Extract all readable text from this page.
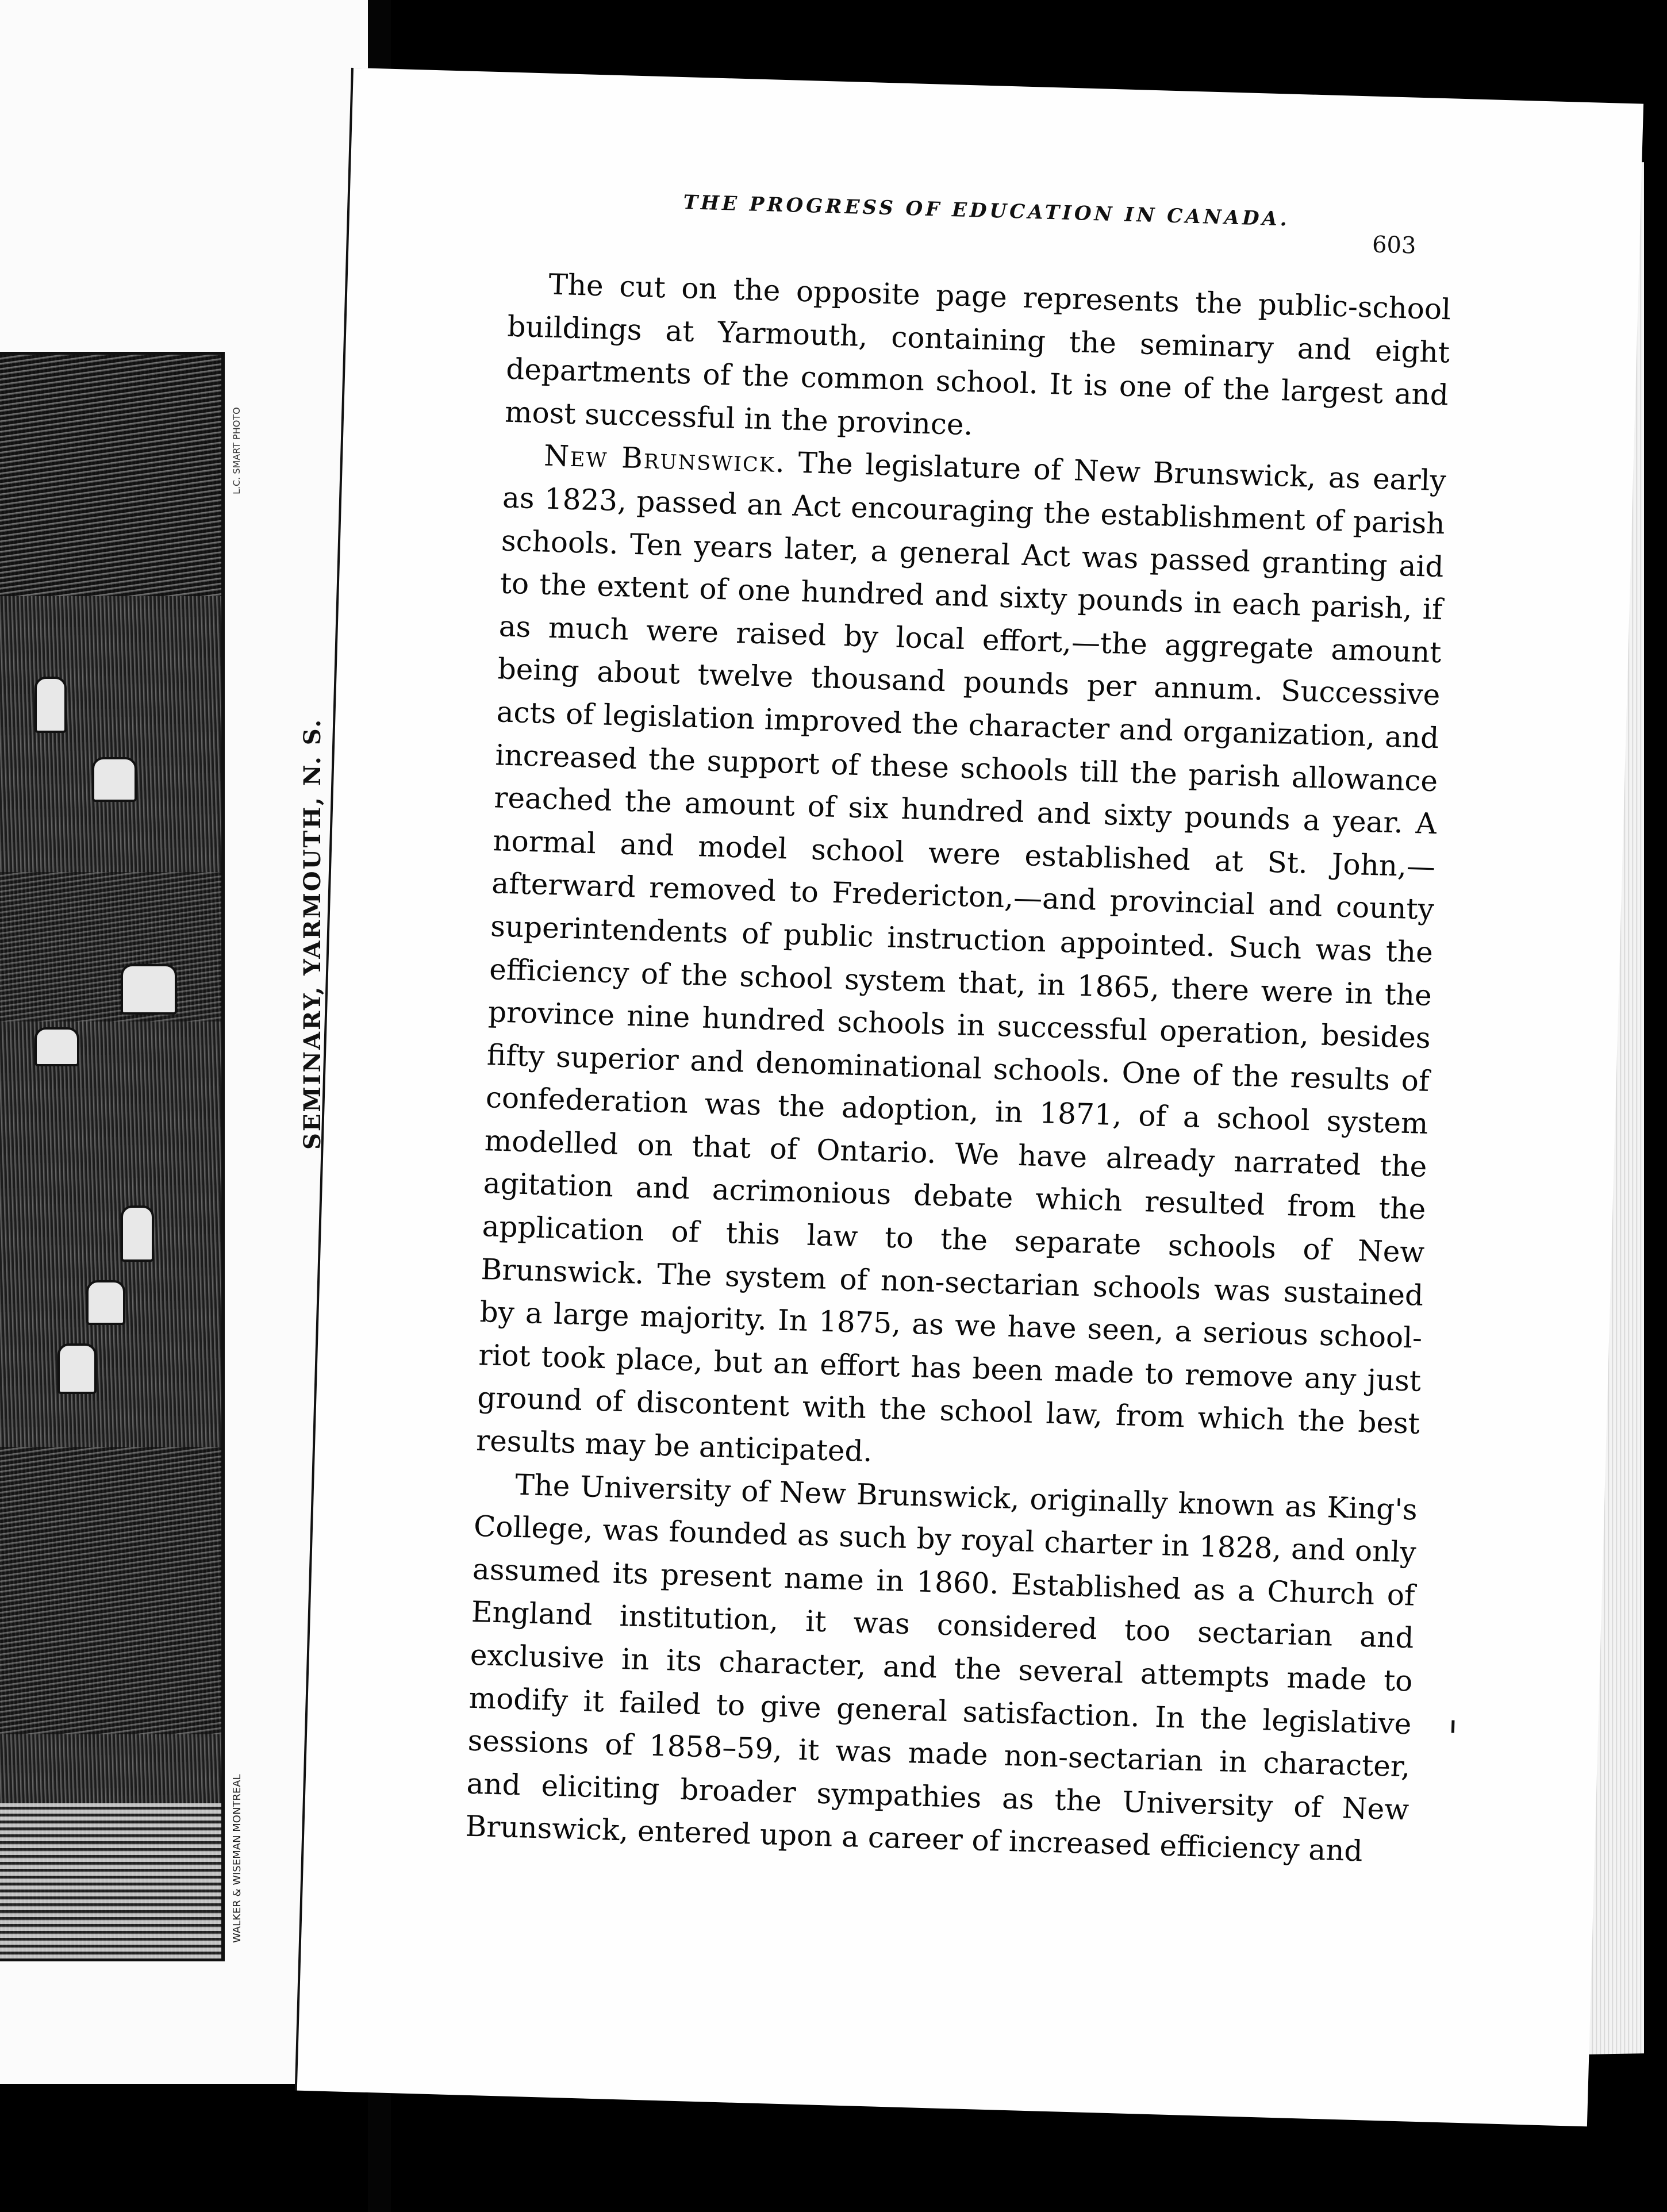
SEMINARY, YARMOUTH, N. S.
WALKER & WISEMAN MONTREAL
L.C. SMART PHOTO
THE PROGRESS OF EDUCATION IN CANADA.
603

The cut on the opposite page represents the public-school buildings at Yarmouth, containing the seminary and eight departments of the common school. It is one of the largest and most successful in the province.

New Brunswick. The legislature of New Brunswick, as early as 1823, passed an Act encouraging the establishment of parish schools. Ten years later, a general Act was passed granting aid to the extent of one hundred and sixty pounds in each parish, if as much were raised by local effort,—the aggregate amount being about twelve thousand pounds per annum. Successive acts of legislation improved the character and organization, and increased the support of these schools till the parish allowance reached the amount of six hundred and sixty pounds a year. A normal and model school were established at St. John,—afterward removed to Fredericton,—and provincial and county superintendents of public instruction appointed. Such was the efficiency of the school system that, in 1865, there were in the province nine hundred schools in successful operation, besides fifty superior and denominational schools. One of the results of confederation was the adoption, in 1871, of a school system modelled on that of Ontario. We have already narrated the agitation and acrimonious debate which resulted from the application of this law to the separate schools of New Brunswick. The system of non-sectarian schools was sustained by a large majority. In 1875, as we have seen, a serious school-riot took place, but an effort has been made to remove any just ground of discontent with the school law, from which the best results may be anticipated.

The University of New Brunswick, originally known as King's College, was founded as such by royal charter in 1828, and only assumed its present name in 1860. Established as a Church of England institution, it was considered too sectarian and exclusive in its character, and the several attempts made to modify it failed to give general satisfaction. In the legislative sessions of 1858–59, it was made non-sectarian in character, and eliciting broader sympathies as the University of New Brunswick, entered upon a career of increased efficiency and
